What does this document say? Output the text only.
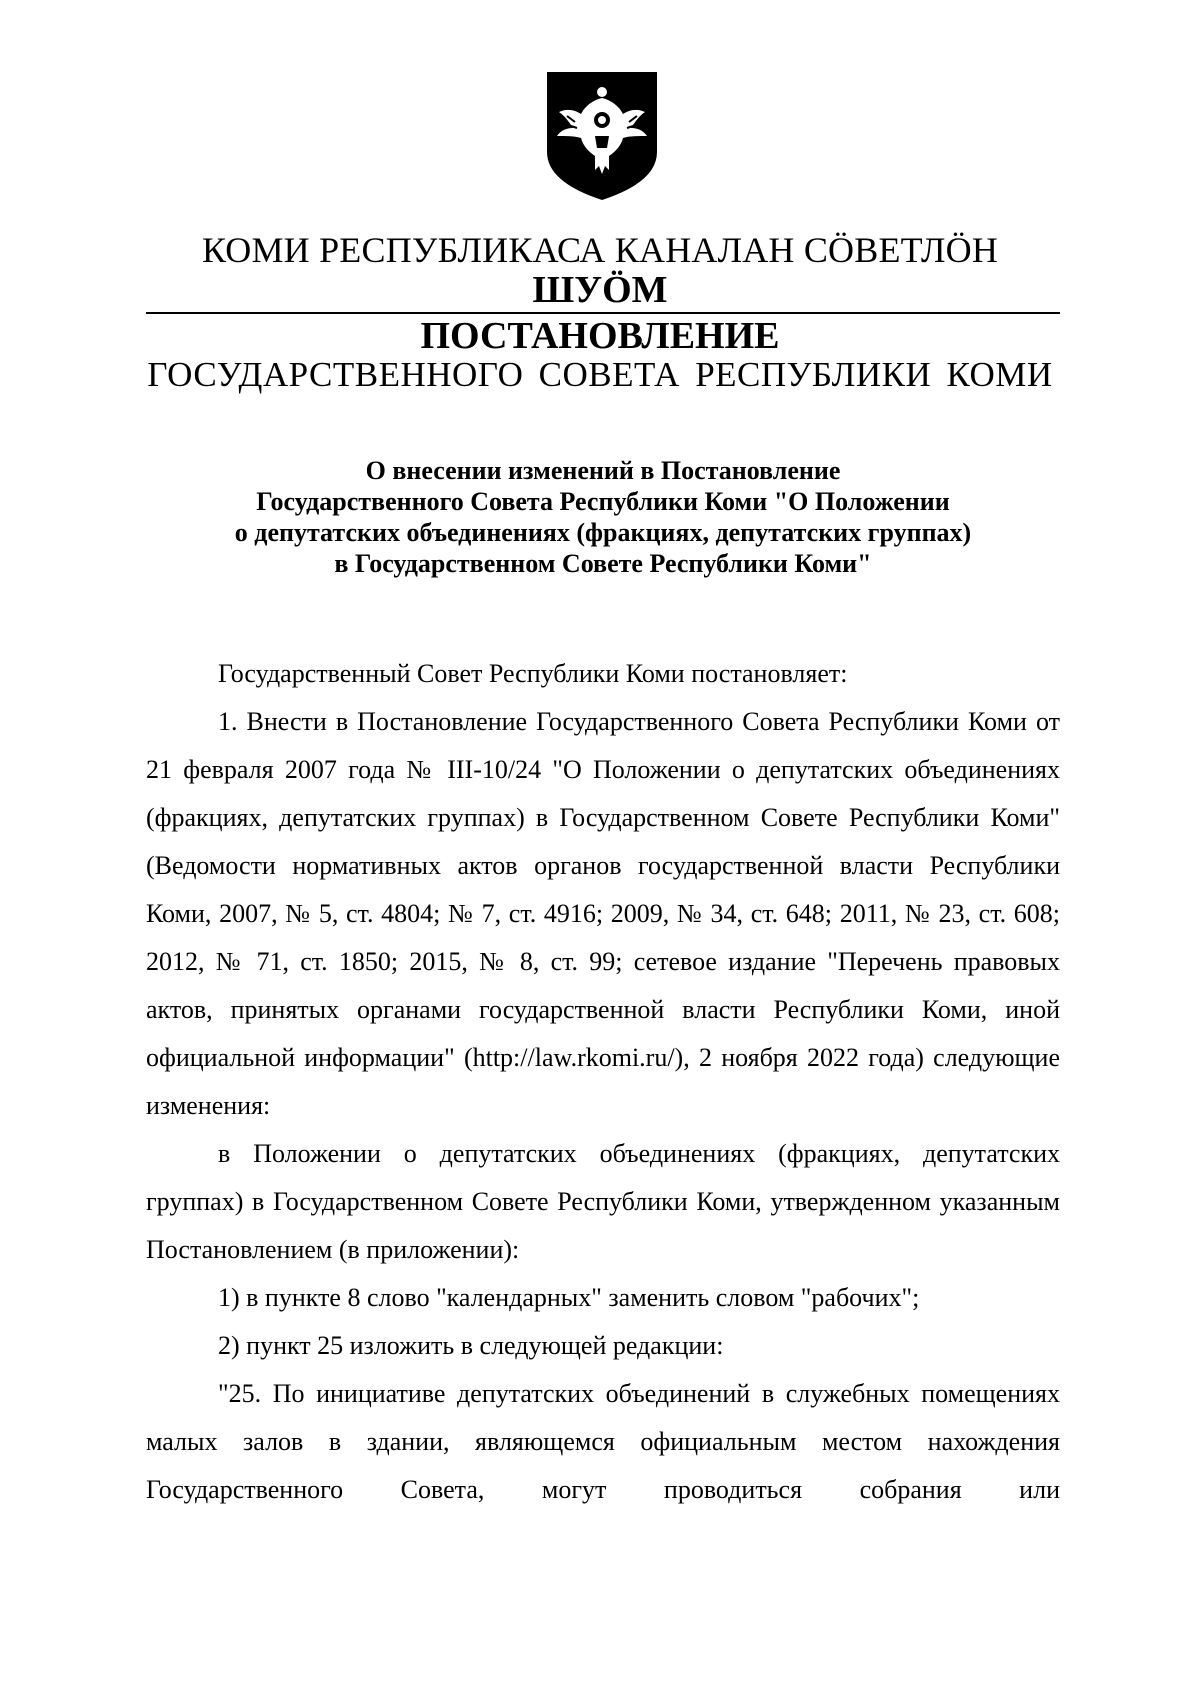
КОМИ РЕСПУБЛИКАСА КАНАЛАН СÖВЕТЛÖН
ШУÖМ
ПОСТАНОВЛЕНИЕ
ГОСУДАРСТВЕННОГО СОВЕТА РЕСПУБЛИКИ КОМИ
О внесении изменений в Постановление
Государственного Совета Республики Коми "О Положении
о депутатских объединениях (фракциях, депутатских группах)
в Государственном Совете Республики Коми"

Государственный Совет Республики Коми постановляет:

1. Внести в Постановление Государственного Совета Республики Коми от 21 февраля 2007 года № III-10/24 "О Положении о депутатских объединениях (фракциях, депутатских группах) в Государственном Совете Республики Коми" (Ведомости нормативных актов органов государственной власти Республики Коми, 2007, № 5, ст. 4804; № 7, ст. 4916; 2009, № 34, ст. 648; 2011, № 23, ст. 608; 2012, № 71, ст. 1850; 2015, № 8, ст. 99; сетевое издание "Перечень правовых актов, принятых органами государственной власти Республики Коми, иной официальной информации" (http://law.rkomi.ru/), 2 ноября 2022 года) следующие изменения:

в Положении о депутатских объединениях (фракциях, депутатских группах) в Государственном Совете Республики Коми, утвержденном указанным Постановлением (в приложении):

1) в пункте 8 слово "календарных" заменить словом "рабочих";

2) пункт 25 изложить в следующей редакции:

"25. По инициативе депутатских объединений в служебных помещениях малых залов в здании, являющемся официальным местом нахождения Государственного Совета, могут проводиться собрания или
